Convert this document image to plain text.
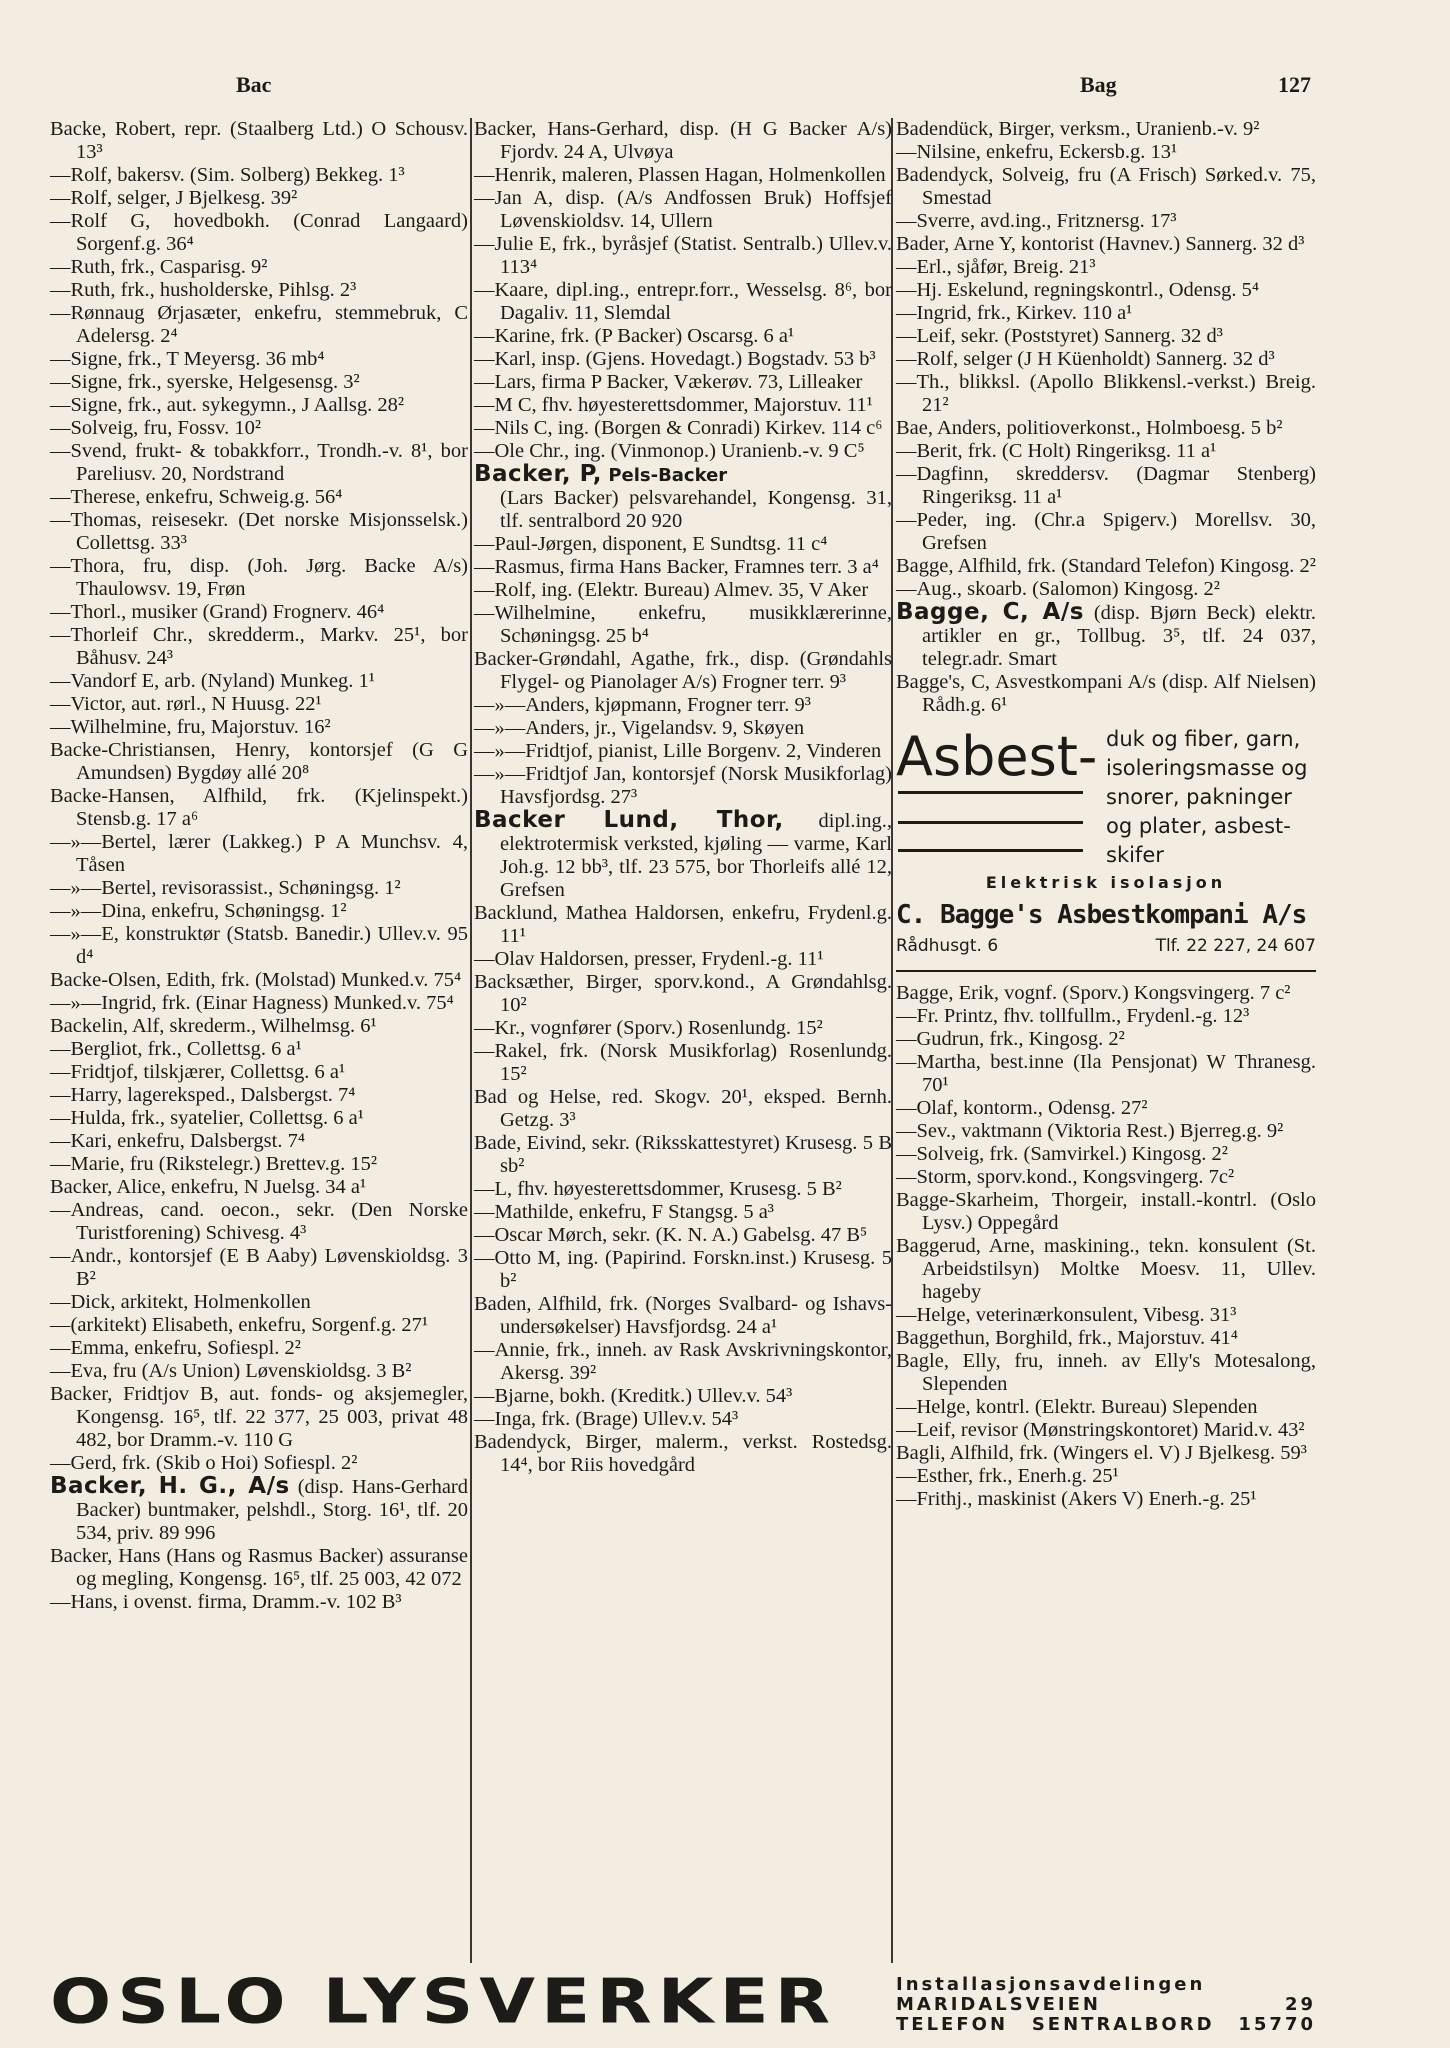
Bac	Bag	127

Backe, Robert, repr. (Staalberg Ltd.) O Schousv. 13³

—Rolf, bakersv. (Sim. Solberg) Bekkeg. 1³

—Rolf, selger, J Bjelkesg. 39²

—Rolf G, hovedbokh. (Conrad Langaard) Sorgenf.g. 36⁴

—Ruth, frk., Casparisg. 9²

—Ruth, frk., husholderske, Pihlsg. 2³

—Rønnaug Ørjasæter, enkefru, stemmebruk, C Adelersg. 2⁴

—Signe, frk., T Meyersg. 36 mb⁴

—Signe, frk., syerske, Helgesensg. 3²

—Signe, frk., aut. sykegymn., J Aallsg. 28²

—Solveig, fru, Fossv. 10²

—Svend, frukt- & tobakkforr., Trondh.-v. 8¹, bor Pareliusv. 20, Nordstrand

—Therese, enkefru, Schweig.g. 56⁴

—Thomas, reisesekr. (Det norske Misjonsselsk.) Collettsg. 33³

—Thora, fru, disp. (Joh. Jørg. Backe A/s) Thaulowsv. 19, Frøn

—Thorl., musiker (Grand) Frognerv. 46⁴

—Thorleif Chr., skredderm., Markv. 25¹, bor Båhusv. 24³

—Vandorf E, arb. (Nyland) Munkeg. 1¹

—Victor, aut. rørl., N Huusg. 22¹

—Wilhelmine, fru, Majorstuv. 16²

Backe-Christiansen, Henry, kontorsjef (G G Amundsen) Bygdøy allé 20⁸

Backe-Hansen, Alfhild, frk. (Kjelinspekt.) Stensb.g. 17 a⁶

—»—Bertel, lærer (Lakkeg.) P A Munchsv. 4, Tåsen

—»—Bertel, revisorassist., Schøningsg. 1²

—»—Dina, enkefru, Schøningsg. 1²

—»—E, konstruktør (Statsb. Banedir.) Ullev.v. 95 d⁴

Backe-Olsen, Edith, frk. (Molstad) Munked.v. 75⁴

—»—Ingrid, frk. (Einar Hagness) Munked.v. 75⁴

Backelin, Alf, skrederm., Wilhelmsg. 6¹

—Bergliot, frk., Collettsg. 6 a¹

—Fridtjof, tilskjærer, Collettsg. 6 a¹

—Harry, lagereksped., Dalsbergst. 7⁴

—Hulda, frk., syatelier, Collettsg. 6 a¹

—Kari, enkefru, Dalsbergst. 7⁴

—Marie, fru (Rikstelegr.) Brettev.g. 15²

Backer, Alice, enkefru, N Juelsg. 34 a¹

—Andreas, cand. oecon., sekr. (Den Norske Turistforening) Schivesg. 4³

—Andr., kontorsjef (E B Aaby) Løvenskioldsg. 3 B²

—Dick, arkitekt, Holmenkollen

—(arkitekt) Elisabeth, enkefru, Sorgenf.g. 27¹

—Emma, enkefru, Sofiespl. 2²

—Eva, fru (A/s Union) Løvenskioldsg. 3 B²

Backer, Fridtjov B, aut. fonds- og aksjemegler, Kongensg. 16⁵, tlf. 22 377, 25 003, privat 48 482, bor Dramm.-v. 110 G

—Gerd, frk. (Skib o Hoi) Sofiespl. 2²

Backer, H. G., A/s (disp. Hans-Gerhard Backer) buntmaker, pelshdl., Storg. 16¹, tlf. 20 534, priv. 89 996

Backer, Hans (Hans og Rasmus Backer) assuranse og megling, Kongensg. 16⁵, tlf. 25 003, 42 072

—Hans, i ovenst. firma, Dramm.-v. 102 B³

Backer, Hans-Gerhard, disp. (H G Backer A/s) Fjordv. 24 A, Ulvøya

—Henrik, maleren, Plassen Hagan, Holmenkollen

—Jan A, disp. (A/s Andfossen Bruk) Hoffsjef Løvenskioldsv. 14, Ullern

—Julie E, frk., byråsjef (Statist. Sentralb.) Ullev.v. 113⁴

—Kaare, dipl.ing., entrepr.forr., Wesselsg. 8⁶, bor Dagaliv. 11, Slemdal

—Karine, frk. (P Backer) Oscarsg. 6 a¹

—Karl, insp. (Gjens. Hovedagt.) Bogstadv. 53 b³

—Lars, firma P Backer, Vækerøv. 73, Lilleaker

—M C, fhv. høyesterettsdommer, Majorstuv. 11¹

—Nils C, ing. (Borgen & Conradi) Kirkev. 114 c⁶

—Ole Chr., ing. (Vinmonop.) Uranienb.-v. 9 C⁵

Backer, P, Pels-Backer

(Lars Backer) pelsvarehandel, Kongensg. 31, tlf. sentralbord 20 920

—Paul-Jørgen, disponent, E Sundtsg. 11 c⁴

—Rasmus, firma Hans Backer, Framnes terr. 3 a⁴

—Rolf, ing. (Elektr. Bureau) Almev. 35, V Aker

—Wilhelmine, enkefru, musikklærerinne, Schøningsg. 25 b⁴

Backer-Grøndahl, Agathe, frk., disp. (Grøndahls Flygel- og Pianolager A/s) Frogner terr. 9³

—»—Anders, kjøpmann, Frogner terr. 9³

—»—Anders, jr., Vigelandsv. 9, Skøyen

—»—Fridtjof, pianist, Lille Borgenv. 2, Vinderen

—»—Fridtjof Jan, kontorsjef (Norsk Musikforlag) Havsfjordsg. 27³

Backer Lund, Thor, dipl.ing., elektrotermisk verksted, kjøling — varme, Karl Joh.g. 12 bb³, tlf. 23 575, bor Thorleifs allé 12, Grefsen

Backlund, Mathea Haldorsen, enkefru, Frydenl.g. 11¹

—Olav Haldorsen, presser, Frydenl.-g. 11¹

Backsæther, Birger, sporv.kond., A Grøndahlsg. 10²

—Kr., vognfører (Sporv.) Rosenlundg. 15²

—Rakel, frk. (Norsk Musikforlag) Rosenlundg. 15²

Bad og Helse, red. Skogv. 20¹, eksped. Bernh. Getzg. 3³

Bade, Eivind, sekr. (Riksskattestyret) Krusesg. 5 B sb²

—L, fhv. høyesterettsdommer, Krusesg. 5 B²

—Mathilde, enkefru, F Stangsg. 5 a³

—Oscar Mørch, sekr. (K. N. A.) Gabelsg. 47 B⁵

—Otto M, ing. (Papirind. Forskn.inst.) Krusesg. 5 b²

Baden, Alfhild, frk. (Norges Svalbard- og Ishavs-undersøkelser) Havsfjordsg. 24 a¹

—Annie, frk., inneh. av Rask Avskrivningskontor, Akersg. 39²

—Bjarne, bokh. (Kreditk.) Ullev.v. 54³

—Inga, frk. (Brage) Ullev.v. 54³

Badendyck, Birger, malerm., verkst. Rostedsg. 14⁴, bor Riis hovedgård

Badendück, Birger, verksm., Uranienb.-v. 9²

—Nilsine, enkefru, Eckersb.g. 13¹

Badendyck, Solveig, fru (A Frisch) Sørked.v. 75, Smestad

—Sverre, avd.ing., Fritznersg. 17³

Bader, Arne Y, kontorist (Havnev.) Sannerg. 32 d³

—Erl., sjåfør, Breig. 21³

—Hj. Eskelund, regningskontrl., Odensg. 5⁴

—Ingrid, frk., Kirkev. 110 a¹

—Leif, sekr. (Poststyret) Sannerg. 32 d³

—Rolf, selger (J H Küenholdt) Sannerg. 32 d³

—Th., blikksl. (Apollo Blikkensl.-verkst.) Breig. 21²

Bae, Anders, politioverkonst., Holmboesg. 5 b²

—Berit, frk. (C Holt) Ringeriksg. 11 a¹

—Dagfinn, skreddersv. (Dagmar Stenberg) Ringeriksg. 11 a¹

—Peder, ing. (Chr.a Spigerv.) Morellsv. 30, Grefsen

Bagge, Alfhild, frk. (Standard Telefon) Kingosg. 2²

—Aug., skoarb. (Salomon) Kingosg. 2²

Bagge, C, A/s (disp. Bjørn Beck) elektr. artikler en gr., Tollbug. 3⁵, tlf. 24 037, telegr.adr. Smart

Bagge's, C, Asvestkompani A/s (disp. Alf Nielsen) Rådh.g. 6¹

Asbest- duk og fiber, garn,
isoleringsmasse og
snorer, pakninger
og plater, asbest-
skifer
Elektrisk isolasjon
C. Bagge's Asbestkompani A/s
Rådhusgt. 6	Tlf. 22 227, 24 607

Bagge, Erik, vognf. (Sporv.) Kongsvingerg. 7 c²

—Fr. Printz, fhv. tollfullm., Frydenl.-g. 12³

—Gudrun, frk., Kingosg. 2²

—Martha, best.inne (Ila Pensjonat) W Thranesg. 70¹

—Olaf, kontorm., Odensg. 27²

—Sev., vaktmann (Viktoria Rest.) Bjerreg.g. 9²

—Solveig, frk. (Samvirkel.) Kingosg. 2²

—Storm, sporv.kond., Kongsvingerg. 7c²

Bagge-Skarheim, Thorgeir, install.-kontrl. (Oslo Lysv.) Oppegård

Baggerud, Arne, maskining., tekn. konsulent (St. Arbeidstilsyn) Moltke Moesv. 11, Ullev. hageby

—Helge, veterinærkonsulent, Vibesg. 31³

Baggethun, Borghild, frk., Majorstuv. 41⁴

Bagle, Elly, fru, inneh. av Elly's Motesalong, Slependen

—Helge, kontrl. (Elektr. Bureau) Slependen

—Leif, revisor (Mønstringskontoret) Marid.v. 43²

Bagli, Alfhild, frk. (Wingers el. V) J Bjelkesg. 59³

—Esther, frk., Enerh.g. 25¹

—Frithj., maskinist (Akers V) Enerh.-g. 25¹

OSLO LYSVERKER	Installasjonsavdelingen
MARIDALSVEIEN 29
TELEFON SENTRALBORD 15770
